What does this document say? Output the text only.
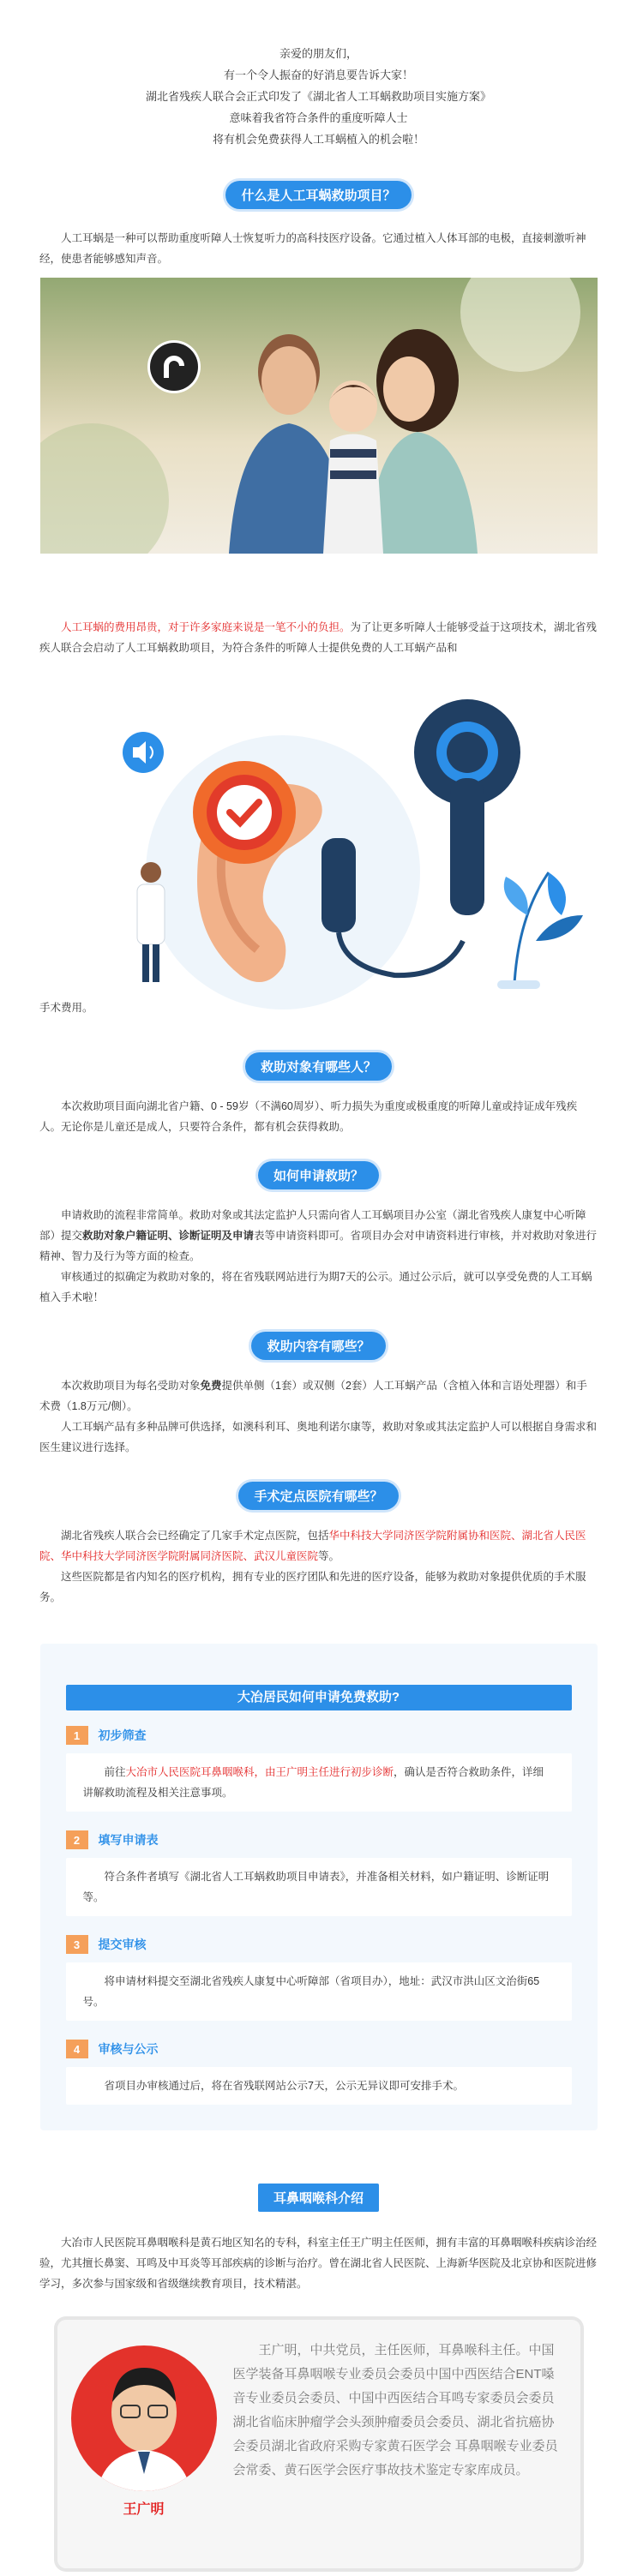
亲爱的朋友们，

有一个令人振奋的好消息要告诉大家！

湖北省残疾人联合会正式印发了《湖北省人工耳蜗救助项目实施方案》

意味着我省符合条件的重度听障人士

将有机会免费获得人工耳蜗植入的机会啦！

什么是人工耳蜗救助项目？

人工耳蜗是一种可以帮助重度听障人士恢复听力的高科技医疗设备。它通过植入人体耳部的电极，直接刺激听神经，使患者能够感知声音。

人工耳蜗的费用昂贵，对于许多家庭来说是一笔不小的负担。为了让更多听障人士能够受益于这项技术，湖北省残疾人联合会启动了人工耳蜗救助项目，为符合条件的听障人士提供免费的人工耳蜗产品和

手术费用。

救助对象有哪些人？

本次救助项目面向湖北省户籍、0 - 59岁（不满60周岁）、听力损失为重度或极重度的听障儿童或持证成年残疾人。无论你是儿童还是成人，只要符合条件，都有机会获得救助。

如何申请救助？

申请救助的流程非常简单。救助对象或其法定监护人只需向省人工耳蜗项目办公室（湖北省残疾人康复中心听障部）提交救助对象户籍证明、诊断证明及申请表等申请资料即可。省项目办会对申请资料进行审核，并对救助对象进行精神、智力及行为等方面的检查。

审核通过的拟确定为救助对象的，将在省残联网站进行为期7天的公示。通过公示后，就可以享受免费的人工耳蜗植入手术啦！

救助内容有哪些？

本次救助项目为每名受助对象免费提供单侧（1套）或双侧（2套）人工耳蜗产品（含植入体和言语处理器）和手术费（1.8万元/侧）。

人工耳蜗产品有多种品牌可供选择，如澳科利耳、奥地利诺尔康等，救助对象或其法定监护人可以根据自身需求和医生建议进行选择。

手术定点医院有哪些？

湖北省残疾人联合会已经确定了几家手术定点医院，包括华中科技大学同济医学院附属协和医院、湖北省人民医院、华中科技大学同济医学院附属同济医院、武汉儿童医院等。

这些医院都是省内知名的医疗机构，拥有专业的医疗团队和先进的医疗设备，能够为救助对象提供优质的手术服务。

大冶居民如何申请免费救助?
1	初步筛查
前往大冶市人民医院耳鼻咽喉科，由王广明主任进行初步诊断，确认是否符合救助条件，详细讲解救助流程及相关注意事项。
2	填写申请表
符合条件者填写《湖北省人工耳蜗救助项目申请表》，并准备相关材料，如户籍证明、诊断证明等。
3	提交审核
将申请材料提交至湖北省残疾人康复中心听障部（省项目办），地址：武汉市洪山区文治街65号。
4	审核与公示
省项目办审核通过后，将在省残联网站公示7天，公示无异议即可安排手术。
耳鼻咽喉科介绍

大冶市人民医院耳鼻咽喉科是黄石地区知名的专科，科室主任王广明主任医师，拥有丰富的耳鼻咽喉科疾病诊治经验，尤其擅长鼻窦、耳鸣及中耳炎等耳部疾病的诊断与治疗。曾在湖北省人民医院、上海新华医院及北京协和医院进修学习，多次参与国家级和省级继续教育项目，技术精湛。

王广明
王广明，中共党员，主任医师，耳鼻喉科主任。中国医学装备耳鼻咽喉专业委员会委员中国中西医结合ENT嗓音专业委员会委员、中国中西医结合耳鸣专家委员会委员湖北省临床肿瘤学会头颈肿瘤委员会委员、湖北省抗癌协会委员湖北省政府采购专家黄石医学会 耳鼻咽喉专业委员会常委、黄石医学会医疗事故技术鉴定专家库成员。
